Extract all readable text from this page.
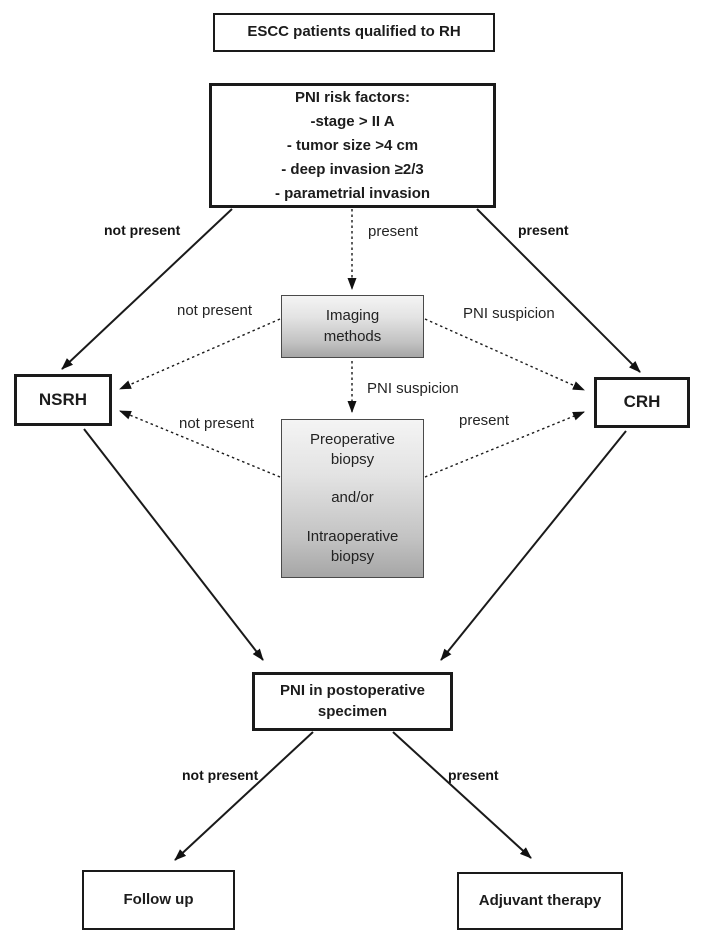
ESCC patients qualified to RH
PNI risk factors:
-stage > II A
- tumor size >4 cm
- deep invasion ≥2/3
- parametrial invasion
Imaging methods
NSRH	CRH
Preoperative biopsy
and/or
Intraoperative biopsy
PNI in postoperative specimen
Follow up	Adjuvant therapy
not present	present	present
not present	PNI suspicion
PNI suspicion
not present	present
not present	present
